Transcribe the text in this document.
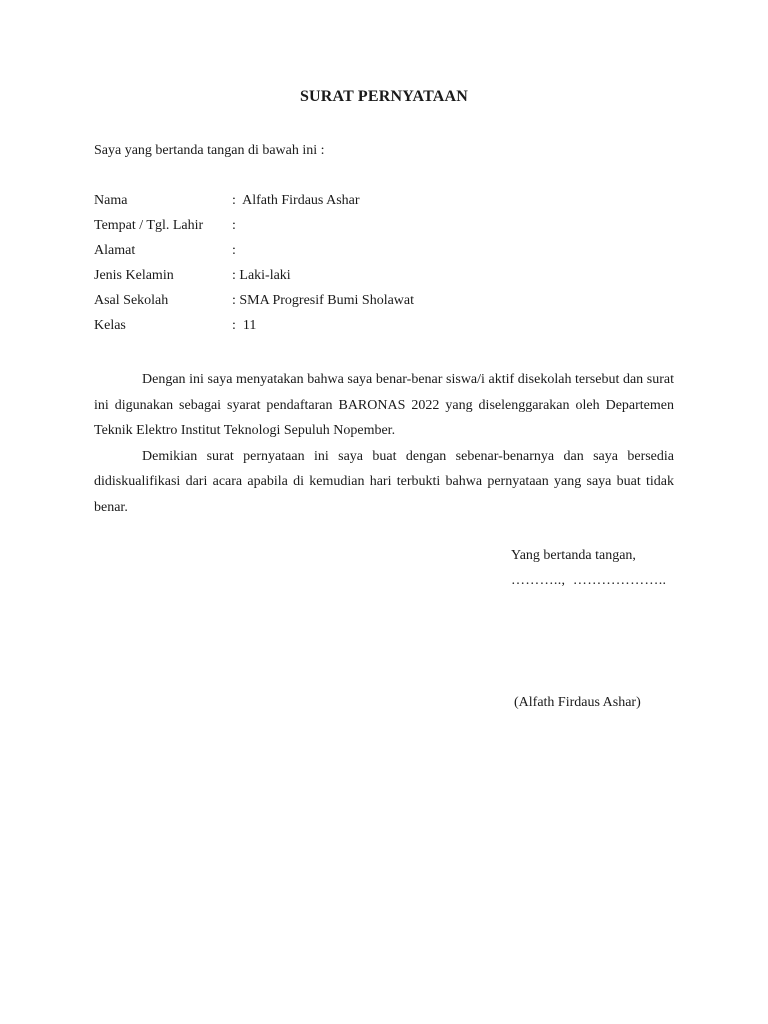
SURAT PERNYATAAN
Saya yang bertanda tangan di bawah ini :
Nama	:  Alfath Firdaus Ashar
Tempat / Tgl. Lahir :
Alamat	:
Jenis Kelamin	: Laki-laki
Asal Sekolah	: SMA Progresif Bumi Sholawat
Kelas	:  11

Dengan ini saya menyatakan bahwa saya benar-benar siswa/i aktif disekolah tersebut dan surat ini digunakan sebagai syarat pendaftaran BARONAS 2022 yang diselenggarakan oleh Departemen Teknik Elektro Institut Teknologi Sepuluh Nopember.

Demikian surat pernyataan ini saya buat dengan sebenar-benarnya dan saya bersedia didiskualifikasi dari acara apabila di kemudian hari terbukti bahwa pernyataan yang saya buat tidak benar.

Yang bertanda tangan,
………..,  ………………..
(Alfath Firdaus Ashar)
